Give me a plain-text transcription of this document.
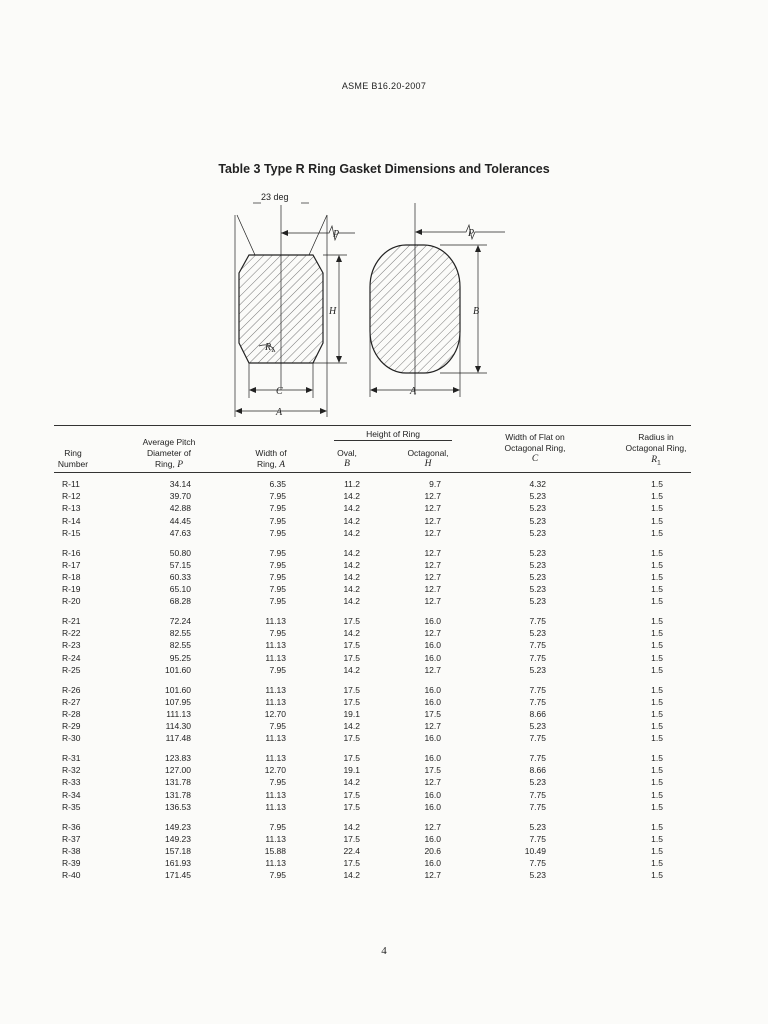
ASME B16.20-2007
Table 3 Type R Ring Gasket Dimensions and Tolerances
23 deg
P
H
$R_1$
C
A
P
B
A
Ring
Number
Average Pitch
Diameter of
Ring, P
Width of
Ring, A
Height of Ring
Oval,
B
Octagonal,
H
Width of Flat on
Octagonal Ring,
C
Radius in
Octagonal Ring,
$R_1$
R-11	34.14	6.35	11.2	9.7	4.32	1.5
R-12	39.70	7.95	14.2	12.7	5.23	1.5
R-13	42.88	7.95	14.2	12.7	5.23	1.5
R-14	44.45	7.95	14.2	12.7	5.23	1.5
R-15	47.63	7.95	14.2	12.7	5.23	1.5
R-16	50.80	7.95	14.2	12.7	5.23	1.5
R-17	57.15	7.95	14.2	12.7	5.23	1.5
R-18	60.33	7.95	14.2	12.7	5.23	1.5
R-19	65.10	7.95	14.2	12.7	5.23	1.5
R-20	68.28	7.95	14.2	12.7	5.23	1.5
R-21	72.24	11.13	17.5	16.0	7.75	1.5
R-22	82.55	7.95	14.2	12.7	5.23	1.5
R-23	82.55	11.13	17.5	16.0	7.75	1.5
R-24	95.25	11.13	17.5	16.0	7.75	1.5
R-25	101.60	7.95	14.2	12.7	5.23	1.5
R-26	101.60	11.13	17.5	16.0	7.75	1.5
R-27	107.95	11.13	17.5	16.0	7.75	1.5
R-28	111.13	12.70	19.1	17.5	8.66	1.5
R-29	114.30	7.95	14.2	12.7	5.23	1.5
R-30	117.48	11.13	17.5	16.0	7.75	1.5
R-31	123.83	11.13	17.5	16.0	7.75	1.5
R-32	127.00	12.70	19.1	17.5	8.66	1.5
R-33	131.78	7.95	14.2	12.7	5.23	1.5
R-34	131.78	11.13	17.5	16.0	7.75	1.5
R-35	136.53	11.13	17.5	16.0	7.75	1.5
R-36	149.23	7.95	14.2	12.7	5.23	1.5
R-37	149.23	11.13	17.5	16.0	7.75	1.5
R-38	157.18	15.88	22.4	20.6	10.49	1.5
R-39	161.93	11.13	17.5	16.0	7.75	1.5
R-40	171.45	7.95	14.2	12.7	5.23	1.5
4
